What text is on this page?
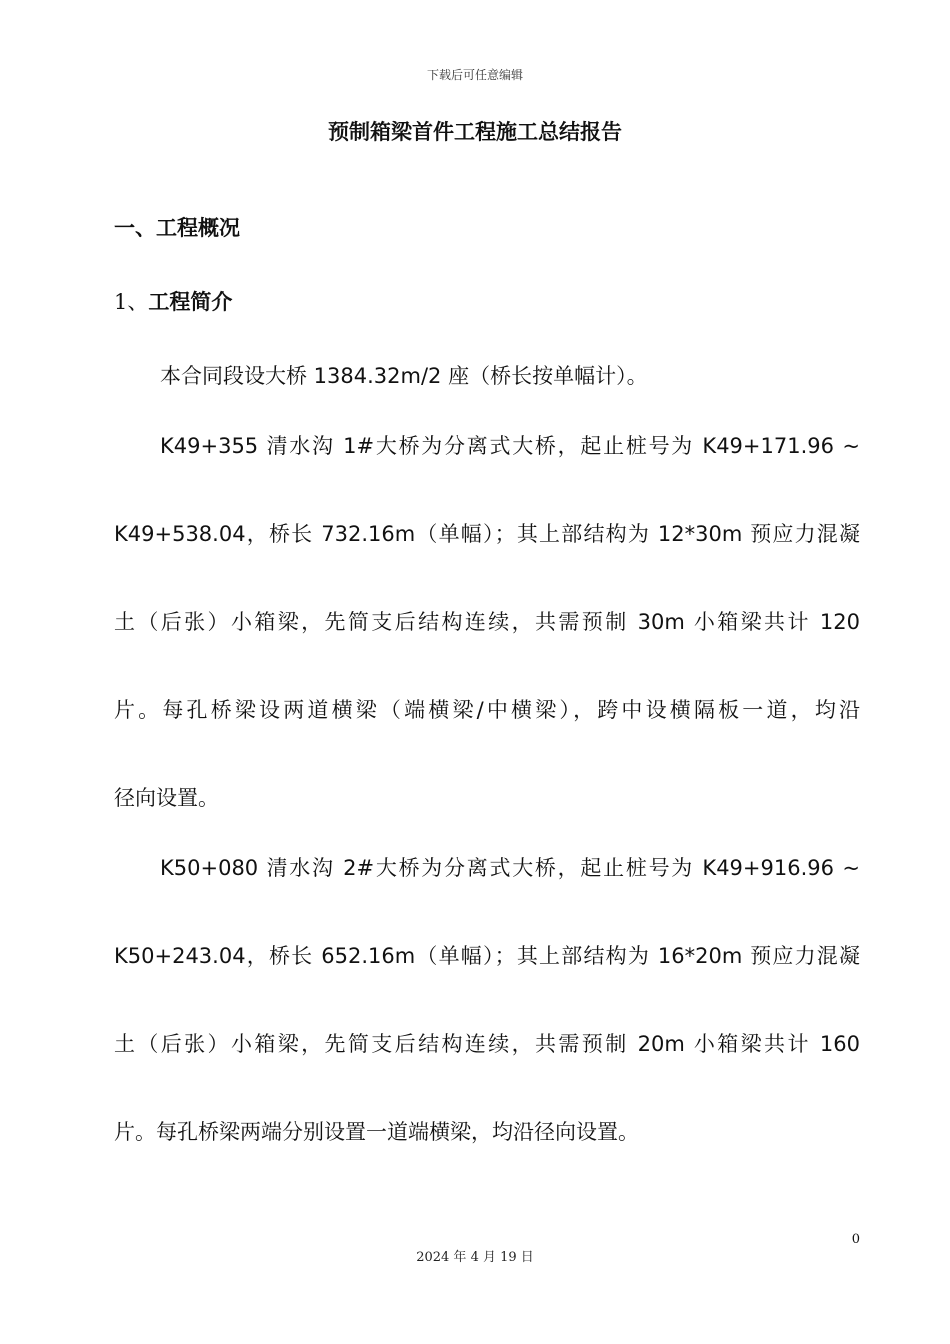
下载后可任意编辑
预制箱梁首件工程施工总结报告
一、工程概况
1、工程简介
本合同段设大桥 1384.32m/2 座（桥长按单幅计）。
K49+355 清水沟 1#大桥为分离式大桥，起止桩号为 K49+171.96 ~
K49+538.04，桥长 732.16m（单幅）；其上部结构为 12*30m 预应力混凝
土（后张）小箱梁，先简支后结构连续，共需预制 30m 小箱梁共计 120
片。每孔桥梁设两道横梁（端横梁/中横梁），跨中设横隔板一道，均沿
径向设置。
K50+080 清水沟 2#大桥为分离式大桥，起止桩号为 K49+916.96 ~
K50+243.04，桥长 652.16m（单幅）；其上部结构为 16*20m 预应力混凝
土（后张）小箱梁，先简支后结构连续，共需预制 20m 小箱梁共计 160
片。每孔桥梁两端分别设置一道端横梁，均沿径向设置。
0
2024 年 4 月 19 日
